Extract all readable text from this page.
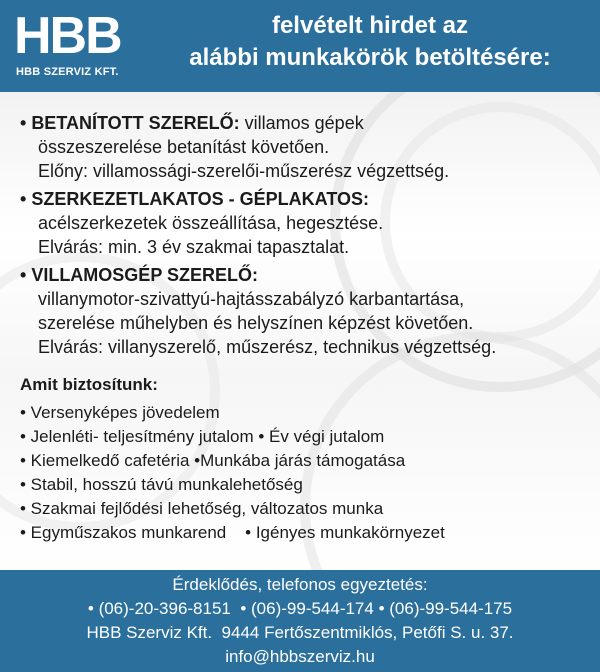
HBB
HBB SZERVIZ KFT.
felvételt hirdet az
alábbi munkakörök betöltésére:
• BETANÍTOTT SZERELŐ: villamos gépek
összeszerelése betanítást követően.
Előny: villamossági-szerelői-műszerész végzettség.
• SZERKEZETLAKATOS - GÉPLAKATOS:
acélszerkezetek összeállítása, hegesztése.
Elvárás: min. 3 év szakmai tapasztalat.
• VILLAMOSGÉP SZERELŐ:
villanymotor-szivattyú-hajtásszabályzó karbantartása,
szerelése műhelyben és helyszínen képzést követően.
Elvárás: villanyszerelő, műszerész, technikus végzettség.
Amit biztosítunk:
• Versenyképes jövedelem
• Jelenléti- teljesítmény jutalom • Év végi jutalom
• Kiemelkedő cafetéria •Munkába járás támogatása
• Stabil, hosszú távú munkalehetőség
• Szakmai fejlődési lehetőség, változatos munka
• Egyműszakos munkarend    • Igényes munkakörnyezet
Érdeklődés, telefonos egyeztetés:
• (06)-20-396-8151  • (06)-99-544-174 • (06)-99-544-175
HBB Szerviz Kft.  9444 Fertőszentmiklós, Petőfi S. u. 37.
info@hbbszerviz.hu
